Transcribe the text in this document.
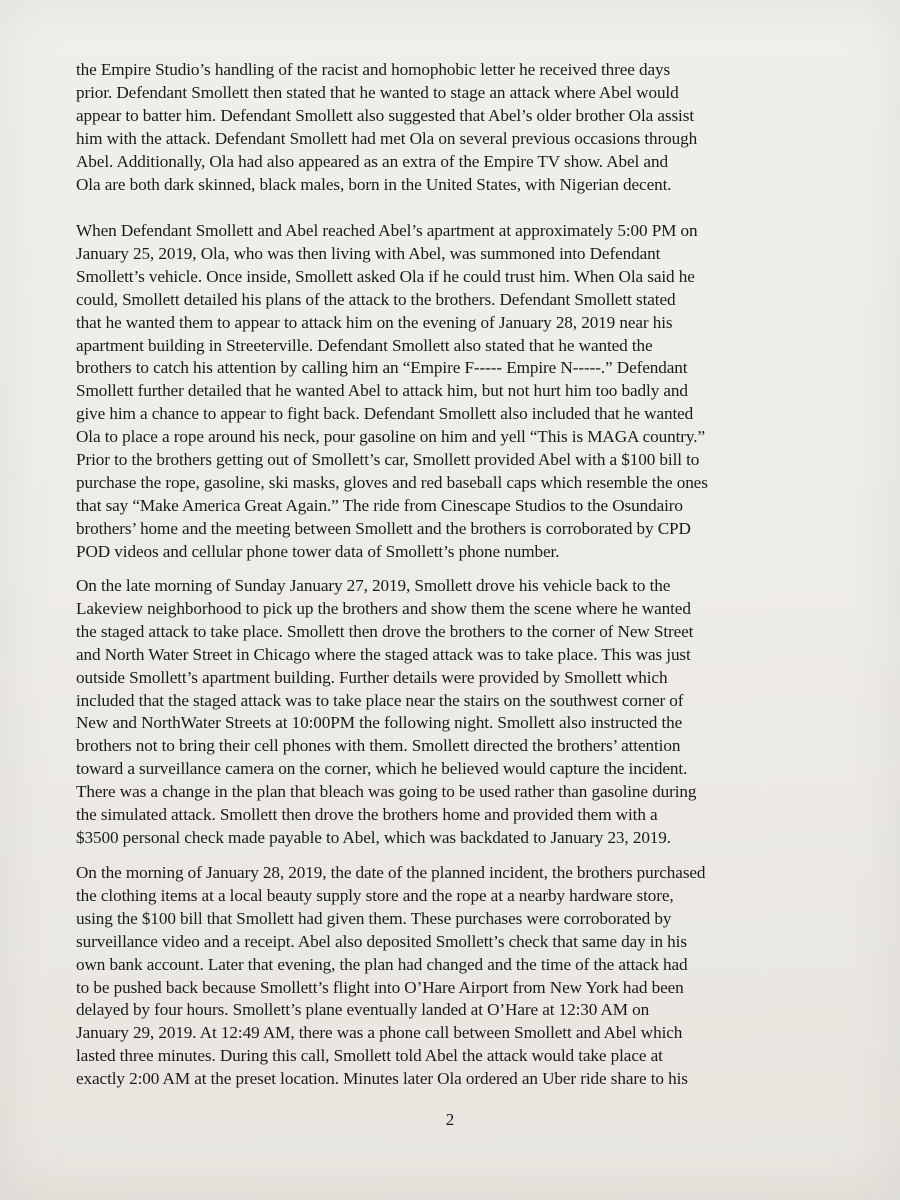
the Empire Studio’s handling of the racist and homophobic letter he received three days
prior. Defendant Smollett then stated that he wanted to stage an attack where Abel would
appear to batter him. Defendant Smollett also suggested that Abel’s older brother Ola assist
him with the attack. Defendant Smollett had met Ola on several previous occasions through
Abel. Additionally, Ola had also appeared as an extra of the Empire TV show. Abel and
Ola are both dark skinned, black males, born in the United States, with Nigerian decent.

When Defendant Smollett and Abel reached Abel’s apartment at approximately 5:00 PM on
January 25, 2019, Ola, who was then living with Abel, was summoned into Defendant
Smollett’s vehicle. Once inside, Smollett asked Ola if he could trust him. When Ola said he
could, Smollett detailed his plans of the attack to the brothers. Defendant Smollett stated
that he wanted them to appear to attack him on the evening of January 28, 2019 near his
apartment building in Streeterville. Defendant Smollett also stated that he wanted the
brothers to catch his attention by calling him an “Empire F----- Empire N-----.” Defendant
Smollett further detailed that he wanted Abel to attack him, but not hurt him too badly and
give him a chance to appear to fight back. Defendant Smollett also included that he wanted
Ola to place a rope around his neck, pour gasoline on him and yell “This is MAGA country.”
Prior to the brothers getting out of Smollett’s car, Smollett provided Abel with a $100 bill to
purchase the rope, gasoline, ski masks, gloves and red baseball caps which resemble the ones
that say “Make America Great Again.” The ride from Cinescape Studios to the Osundairo
brothers’ home and the meeting between Smollett and the brothers is corroborated by CPD
POD videos and cellular phone tower data of Smollett’s phone number.

On the late morning of Sunday January 27, 2019, Smollett drove his vehicle back to the
Lakeview neighborhood to pick up the brothers and show them the scene where he wanted
the staged attack to take place. Smollett then drove the brothers to the corner of New Street
and North Water Street in Chicago where the staged attack was to take place. This was just
outside Smollett’s apartment building. Further details were provided by Smollett which
included that the staged attack was to take place near the stairs on the southwest corner of
New and NorthWater Streets at 10:00PM the following night. Smollett also instructed the
brothers not to bring their cell phones with them. Smollett directed the brothers’ attention
toward a surveillance camera on the corner, which he believed would capture the incident.
There was a change in the plan that bleach was going to be used rather than gasoline during
the simulated attack. Smollett then drove the brothers home and provided them with a
$3500 personal check made payable to Abel, which was backdated to January 23, 2019.

On the morning of January 28, 2019, the date of the planned incident, the brothers purchased
the clothing items at a local beauty supply store and the rope at a nearby hardware store,
using the $100 bill that Smollett had given them. These purchases were corroborated by
surveillance video and a receipt. Abel also deposited Smollett’s check that same day in his
own bank account. Later that evening, the plan had changed and the time of the attack had
to be pushed back because Smollett’s flight into O’Hare Airport from New York had been
delayed by four hours. Smollett’s plane eventually landed at O’Hare at 12:30 AM on
January 29, 2019. At 12:49 AM, there was a phone call between Smollett and Abel which
lasted three minutes. During this call, Smollett told Abel the attack would take place at
exactly 2:00 AM at the preset location. Minutes later Ola ordered an Uber ride share to his

2
